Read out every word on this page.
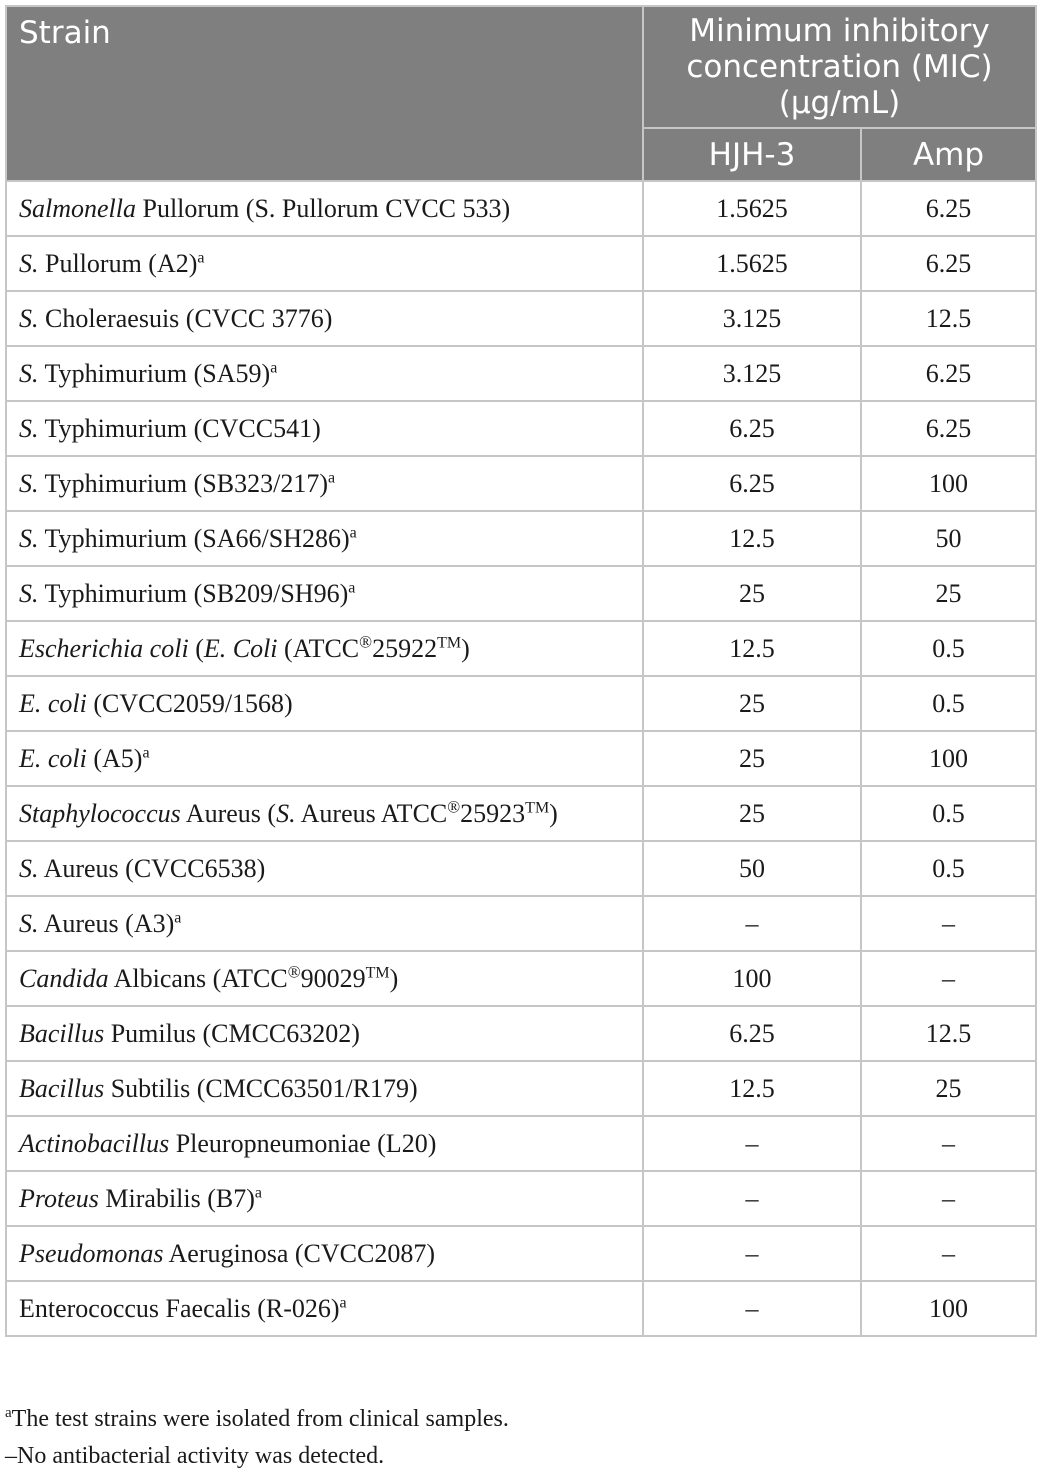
Strain	Minimum inhibitory concentration (MIC) (μg/mL)	
	HJH-3	Amp
Salmonella Pullorum (S. Pullorum CVCC 533)	1.5625	6.25
S. Pullorum $(A2)^a$	1.5625	6.25
S. Choleraesuis (CVCC 3776)	3.125	12.5
S. Typhimurium $(SA59)^a$	3.125	6.25
S. Typhimurium (CVCC541)	6.25	6.25
S. Typhimurium $(SB323/217)^a$	6.25	100
S. Typhimurium $(SA66/SH286)^a$	12.5	50
S. Typhimurium $(SB209/SH96)^a$	25	25
Escherichia coli (E. Coli (ATCC®25922™)	12.5	0.5
E. coli (CVCC2059/1568)	25	0.5
E. coli $(A5)^a$	25	100
Staphylococcus Aureus (S. Aureus ATCC®25923™)	25	0.5
S. Aureus (CVCC6538)	50	0.5
S. Aureus $(A3)^a$	–	–
Candida Albicans (ATCC®90029™)	100	–
Bacillus Pumilus (CMCC63202)	6.25	12.5
Bacillus Subtilis (CMCC63501/R179)	12.5	25
Actinobacillus Pleuropneumoniae (L20)	–	–
Proteus Mirabilis $(B7)^a$	–	–
Pseudomonas Aeruginosa (CVCC2087)	–	–
Enterococcus Faecalis $(R-026)^a$	–	100
$^a$The test strains were isolated from clinical samples.
–No antibacterial activity was detected.
